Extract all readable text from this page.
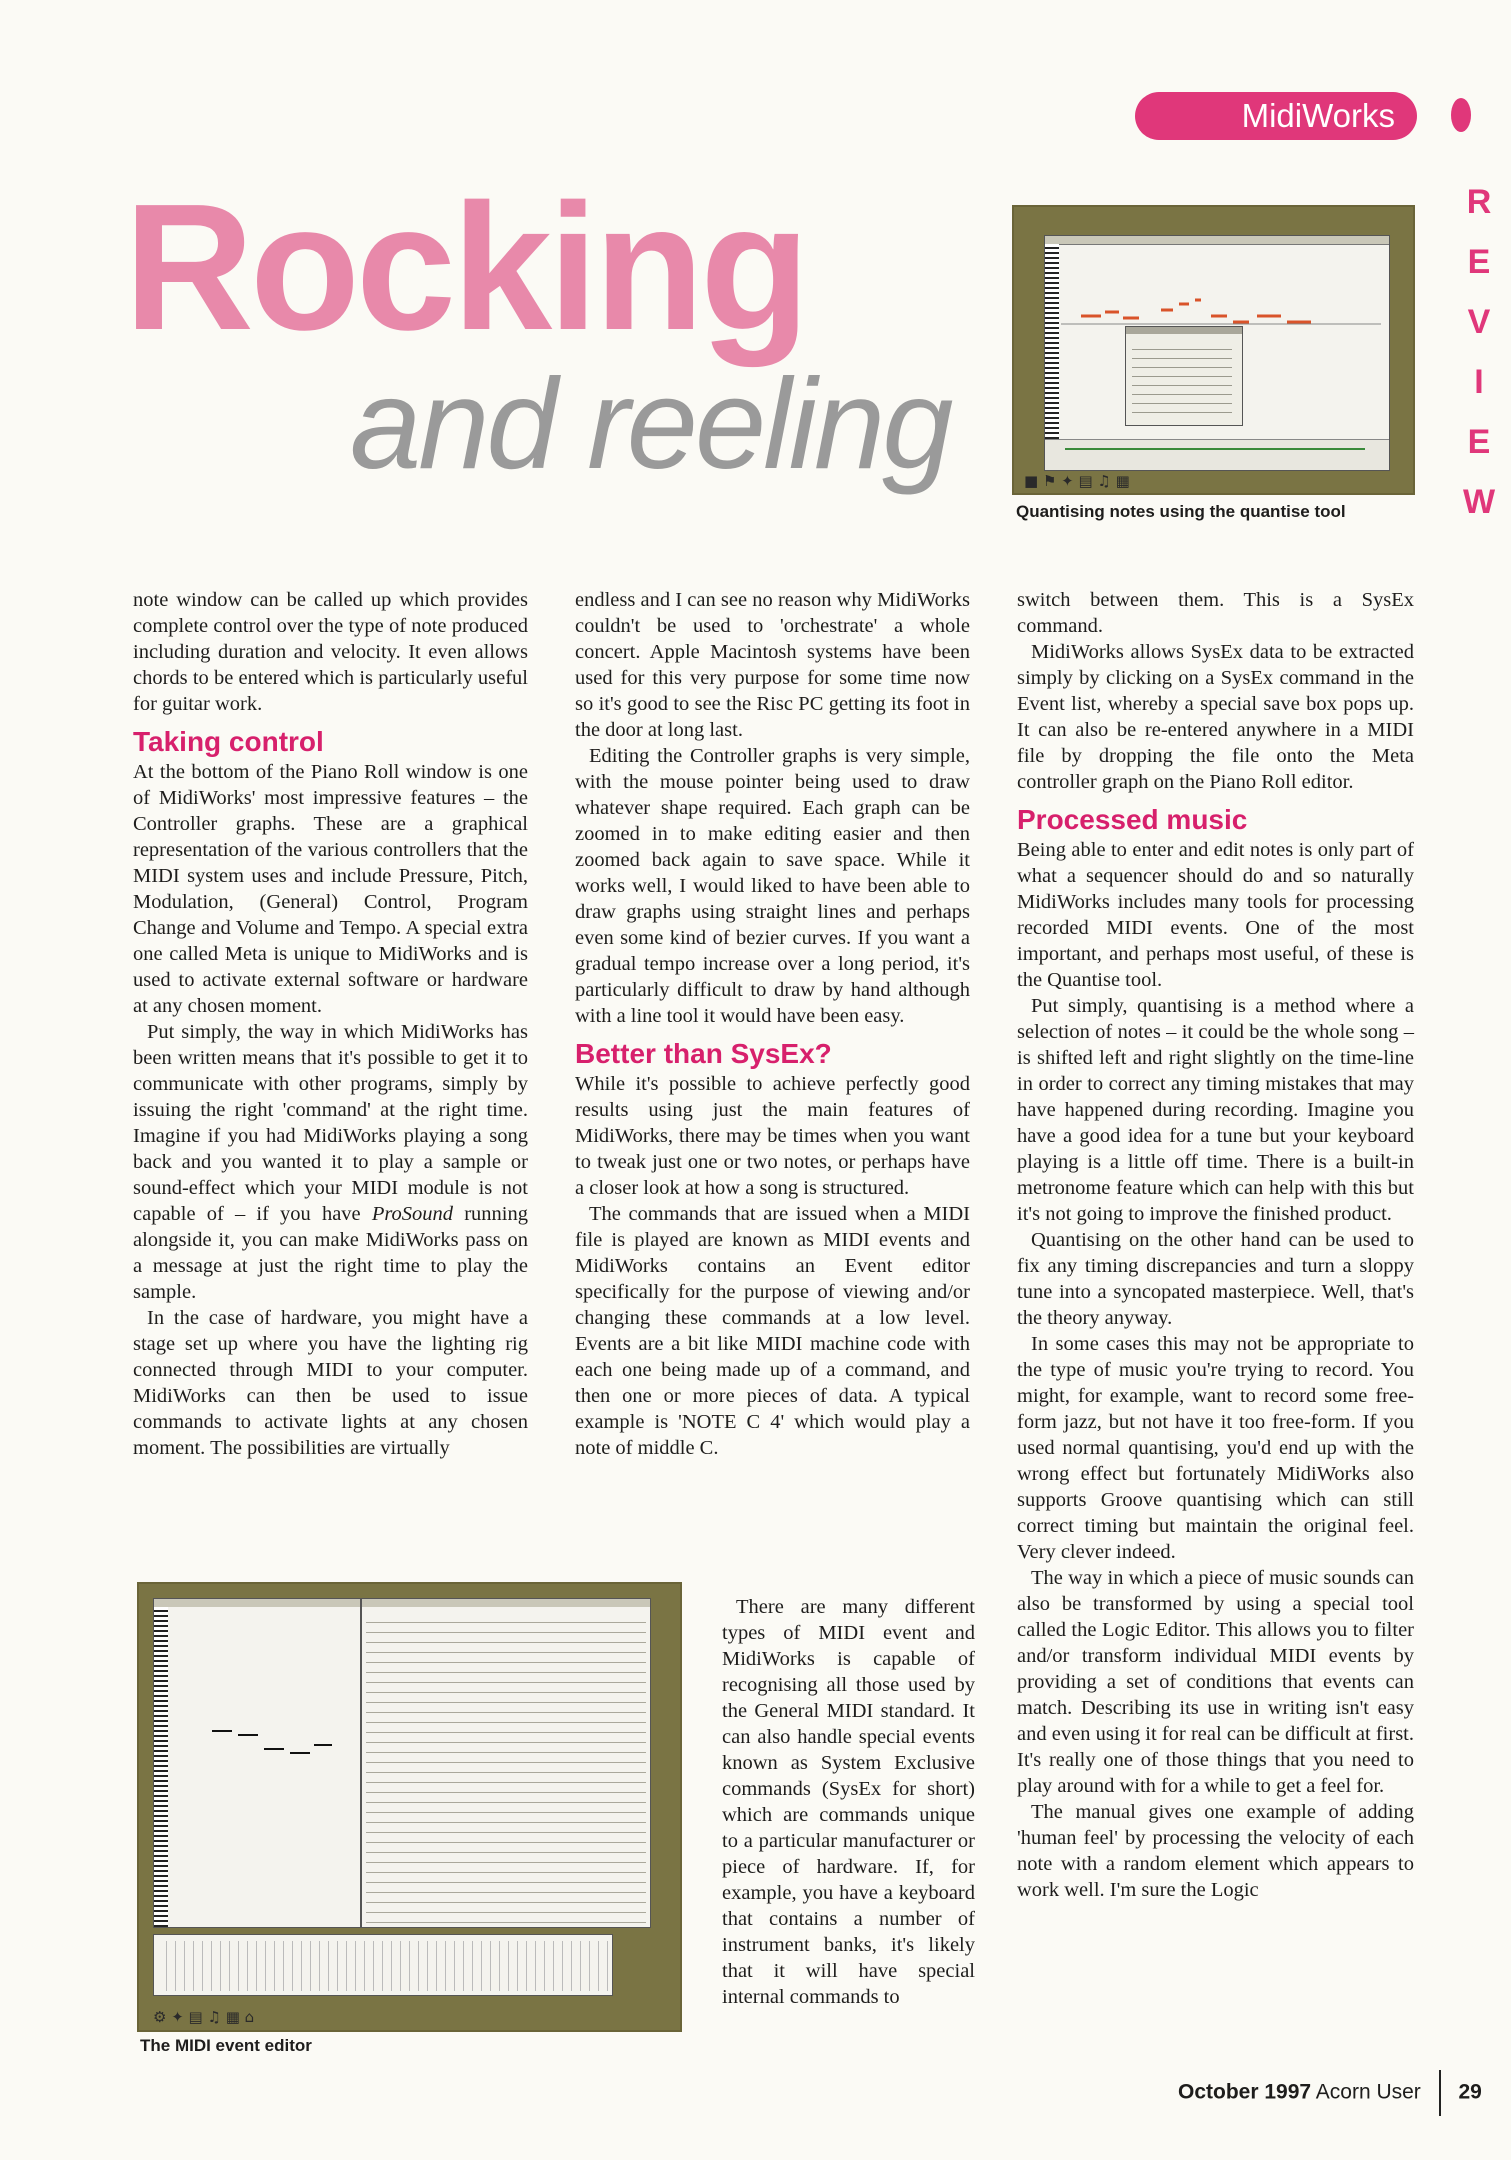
MidiWorks
R
E
V
I
E
W
Rocking
and reeling	■ ⚑ ✦ ▤ ♫ ▦
Quantising notes using the quantise tool

note window can be called up which provides complete control over the type of note produced including duration and velocity. It even allows chords to be entered which is particularly useful for guitar work.

Taking control

At the bottom of the Piano Roll window is one of MidiWorks' most impressive features – the Controller graphs. These are a graphical representation of the various controllers that the MIDI system uses and include Pressure, Pitch, Modulation, (General) Control, Program Change and Volume and Tempo. A special extra one called Meta is unique to MidiWorks and is used to activate external software or hardware at any chosen moment.

Put simply, the way in which MidiWorks has been written means that it's possible to get it to communicate with other programs, simply by issuing the right 'command' at the right time. Imagine if you had MidiWorks playing a song back and you wanted it to play a sample or sound-effect which your MIDI module is not capable of – if you have ProSound running alongside it, you can make MidiWorks pass on a message at just the right time to play the sample.

In the case of hardware, you might have a stage set up where you have the lighting rig connected through MIDI to your computer. MidiWorks can then be used to issue commands to activate lights at any chosen moment. The possibilities are virtually

⚙ ✦ ▤ ♫ ▦ ⌂
The MIDI event editor

endless and I can see no reason why MidiWorks couldn't be used to 'orchestrate' a whole concert. Apple Macintosh systems have been used for this very purpose for some time now so it's good to see the Risc PC getting its foot in the door at long last.

Editing the Controller graphs is very simple, with the mouse pointer being used to draw whatever shape required. Each graph can be zoomed in to make editing easier and then zoomed back again to save space. While it works well, I would liked to have been able to draw graphs using straight lines and perhaps even some kind of bezier curves. If you want a gradual tempo increase over a long period, it's particularly difficult to draw by hand although with a line tool it would have been easy.

Better than SysEx?

While it's possible to achieve perfectly good results using just the main features of MidiWorks, there may be times when you want to tweak just one or two notes, or perhaps have a closer look at how a song is structured.

The commands that are issued when a MIDI file is played are known as MIDI events and MidiWorks contains an Event editor specifically for the purpose of viewing and/or changing these commands at a low level. Events are a bit like MIDI machine code with each one being made up of a command, and then one or more pieces of data. A typical example is 'NOTE C 4' which would play a note of middle C.

There are many different types of MIDI event and MidiWorks is capable of recognising all those used by the General MIDI standard. It can also handle special events known as System Exclusive commands (SysEx for short) which are commands unique to a particular manufacturer or piece of hardware. If, for example, you have a keyboard that contains a number of instrument banks, it's likely that it will have special internal commands to

switch between them. This is a SysEx command.

MidiWorks allows SysEx data to be extracted simply by clicking on a SysEx command in the Event list, whereby a special save box pops up. It can also be re-entered anywhere in a MIDI file by dropping the file onto the Meta controller graph on the Piano Roll editor.

Processed music

Being able to enter and edit notes is only part of what a sequencer should do and so naturally MidiWorks includes many tools for processing recorded MIDI events. One of the most important, and perhaps most useful, of these is the Quantise tool.

Put simply, quantising is a method where a selection of notes – it could be the whole song – is shifted left and right slightly on the time-line in order to correct any timing mistakes that may have happened during recording. Imagine you have a good idea for a tune but your keyboard playing is a little off time. There is a built-in metronome feature which can help with this but it's not going to improve the finished product.

Quantising on the other hand can be used to fix any timing discrepancies and turn a sloppy tune into a syncopated masterpiece. Well, that's the theory anyway.

In some cases this may not be appropriate to the type of music you're trying to record. You might, for example, want to record some free-form jazz, but not have it too free-form. If you used normal quantising, you'd end up with the wrong effect but fortunately MidiWorks also supports Groove quantising which can still correct timing but maintain the original feel. Very clever indeed.

The way in which a piece of music sounds can also be transformed by using a special tool called the Logic Editor. This allows you to filter and/or transform individual MIDI events by providing a set of conditions that events can match. Describing its use in writing isn't easy and even using it for real can be difficult at first. It's really one of those things that you need to play around with for a while to get a feel for.

The manual gives one example of adding 'human feel' by processing the velocity of each note with a random element which appears to work well. I'm sure the Logic

October 1997 Acorn User 29
